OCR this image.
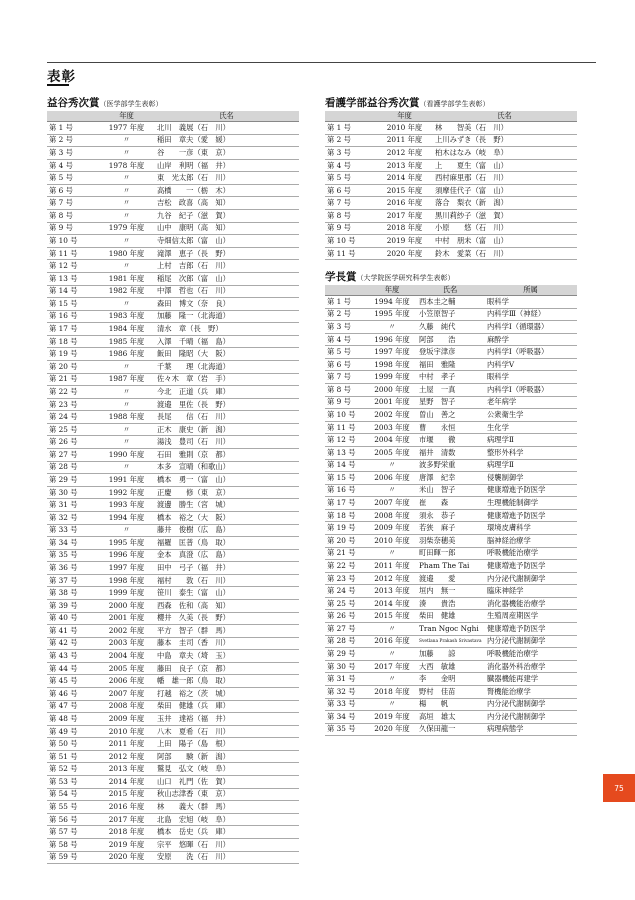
表彰
益谷秀次賞（医学部学生表彰）
	年度	氏名
第 1 号	1977 年度	北川　義展（石　川）
第 2 号	〃	稲田　章夫（愛　媛）
第 3 号	〃	谷　　一彦（東　京）
第 4 号	1978 年度	山岸　利明（福　井）
第 5 号	〃	東　光太郎（石　川）
第 6 号	〃	高橋　　一（栃　木）
第 7 号	〃	吉松　政喜（高　知）
第 8 号	〃	九谷　紀子（滋　賀）
第 9 号	1979 年度	山中　康明（高　知）
第 10 号	〃	寺畑信太郎（富　山）
第 11 号	1980 年度	滝澤　恵子（長　野）
第 12 号	〃	上村　吉郎（石　川）
第 13 号	1981 年度	稲尾　次郎（富　山）
第 14 号	1982 年度	中澤　哲也（石　川）
第 15 号	〃	森田　博文（奈　良）
第 16 号	1983 年度	加藤　隆一（北海道）
第 17 号	1984 年度	清水　章（長　野）
第 18 号	1985 年度	入澤　千晴（福　島）
第 19 号	1986 年度	飯田　隆昭（大　阪）
第 20 号	〃	千葉　　理（北海道）
第 21 号	1987 年度	佐々木　章（岩　手）
第 22 号	〃	今北　正道（兵　庫）
第 23 号	〃	渡邉　里佐（長　野）
第 24 号	1988 年度	長尾　　信（石　川）
第 25 号	〃	正木　康史（新　潟）
第 26 号	〃	湯浅　豊司（石　川）
第 27 号	1990 年度	石田　雅則（京　都）
第 28 号	〃	本多　宣晴（和歌山）
第 29 号	1991 年度	橋本　勇一（富　山）
第 30 号	1992 年度	正慶　　修（東　京）
第 31 号	1993 年度	渡邊　勝生（宮　城）
第 32 号	1994 年度	橋本　裕之（大　阪）
第 33 号	〃	藤井　俊樹（広　島）
第 34 号	1995 年度	福羅　匡普（鳥　取）
第 35 号	1996 年度	金本　真澄（広　島）
第 36 号	1997 年度	田中　弓子（福　井）
第 37 号	1998 年度	福村　　敦（石　川）
第 38 号	1999 年度	笹川　泰生（富　山）
第 39 号	2000 年度	西森　佐和（高　知）
第 40 号	2001 年度	櫻井　久美（長　野）
第 41 号	2002 年度	平方　智子（群　馬）
第 42 号	2003 年度	藤本　圭司（香　川）
第 43 号	2004 年度	中島　章夫（埼　玉）
第 44 号	2005 年度	藤田　良子（京　都）
第 45 号	2006 年度	幡　雄一郎（鳥　取）
第 46 号	2007 年度	打越　裕之（茨　城）
第 47 号	2008 年度	柴田　健雄（兵　庫）
第 48 号	2009 年度	玉井　達裕（福　井）
第 49 号	2010 年度	八木　夏希（石　川）
第 50 号	2011 年度	上田　陽子（島　根）
第 51 号	2012 年度	阿部　　験（新　潟）
第 52 号	2013 年度	鷲見　弘文（岐　阜）
第 53 号	2014 年度	山口　礼門（佐　賀）
第 54 号	2015 年度	秋山志津香（東　京）
第 55 号	2016 年度	林　　義大（群　馬）
第 56 号	2017 年度	北島　宏旭（岐　阜）
第 57 号	2018 年度	橋本　岳史（兵　庫）
第 58 号	2019 年度	宗平　悠暉（石　川）
第 59 号	2020 年度	安原　　洗（石　川）
看護学部益谷秀次賞（看護学部学生表彰）
	年度	氏名
第 1 号	2010 年度	林　　智美（石　川）
第 2 号	2011 年度	上川みずき（長　野）
第 3 号	2012 年度	柏木はなみ（岐　阜）
第 4 号	2013 年度	上　　夏生（富　山）
第 5 号	2014 年度	西村麻里那（石　川）
第 6 号	2015 年度	須摩佳代子（富　山）
第 7 号	2016 年度	落合　梨衣（新　潟）
第 8 号	2017 年度	黒川莉紗子（滋　賀）
第 9 号	2018 年度	小原　　悠（石　川）
第 10 号	2019 年度	中村　朋未（富　山）
第 11 号	2020 年度	鈴木　愛菜（石　川）
学長賞（大学院医学研究科学生表彰）
	年度	氏名	所属
第 1 号	1994 年度	西本圭之輔	眼科学
第 2 号	1995 年度	小笠原智子	内科学Ⅲ（神経）
第 3 号	〃	久藤　純代	内科学Ⅰ（循環器）
第 4 号	1996 年度	阿部　　浩	麻酔学
第 5 号	1997 年度	登坂宇津彦	内科学Ⅰ（呼吸器）
第 6 号	1998 年度	福田　雅隆	内科学Ⅴ
第 7 号	1999 年度	中村　孝子	眼科学
第 8 号	2000 年度	土屋　一真	内科学Ⅰ（呼吸器）
第 9 号	2001 年度	星野　智子	老年病学
第 10 号	2002 年度	曽山　善之	公衆衛生学
第 11 号	2003 年度	曹　　永恒	生化学
第 12 号	2004 年度	市堰　　徹	病理学Ⅱ
第 13 号	2005 年度	福井　清数	整形外科学
第 14 号	〃	波多野栄重	病理学Ⅱ
第 15 号	2006 年度	唐澤　紀幸	侵襲制御学
第 16 号	〃	米山　智子	健康増進予防医学
第 17 号	2007 年度	崔　　森	生理機能制御学
第 18 号	2008 年度	須永　恭子	健康増進予防医学
第 19 号	2009 年度	若狭　麻子	環境皮膚科学
第 20 号	2010 年度	羽柴奈穂美	脳神経治療学
第 21 号	〃	町田暉一郎	呼吸機能治療学
第 22 号	2011 年度	Pham The Tai	健康増進予防医学
第 23 号	2012 年度	渡邉　　愛	内分泌代謝制御学
第 24 号	2013 年度	垣内　無一	臨床神経学
第 25 号	2014 年度	湊　　貴浩	消化器機能治療学
第 26 号	2015 年度	柴田　健雄	生殖周産期医学
第 27 号	〃	Tran Ngoc Nghi	健康増進予防医学
第 28 号	2016 年度	Svetlana Prakash Srivastava	内分泌代謝制御学
第 29 号	〃	加藤　　諒	呼吸機能治療学
第 30 号	2017 年度	大西　敏雄	消化器外科治療学
第 31 号	〃	李　　金明	臓器機能再建学
第 32 号	2018 年度	野村　佳苗	腎機能治療学
第 33 号	〃	楊　　帆	内分泌代謝制御学
第 34 号	2019 年度	高垣　雄太	内分泌代謝制御学
第 35 号	2020 年度	久保田龍一	病理病態学
75
